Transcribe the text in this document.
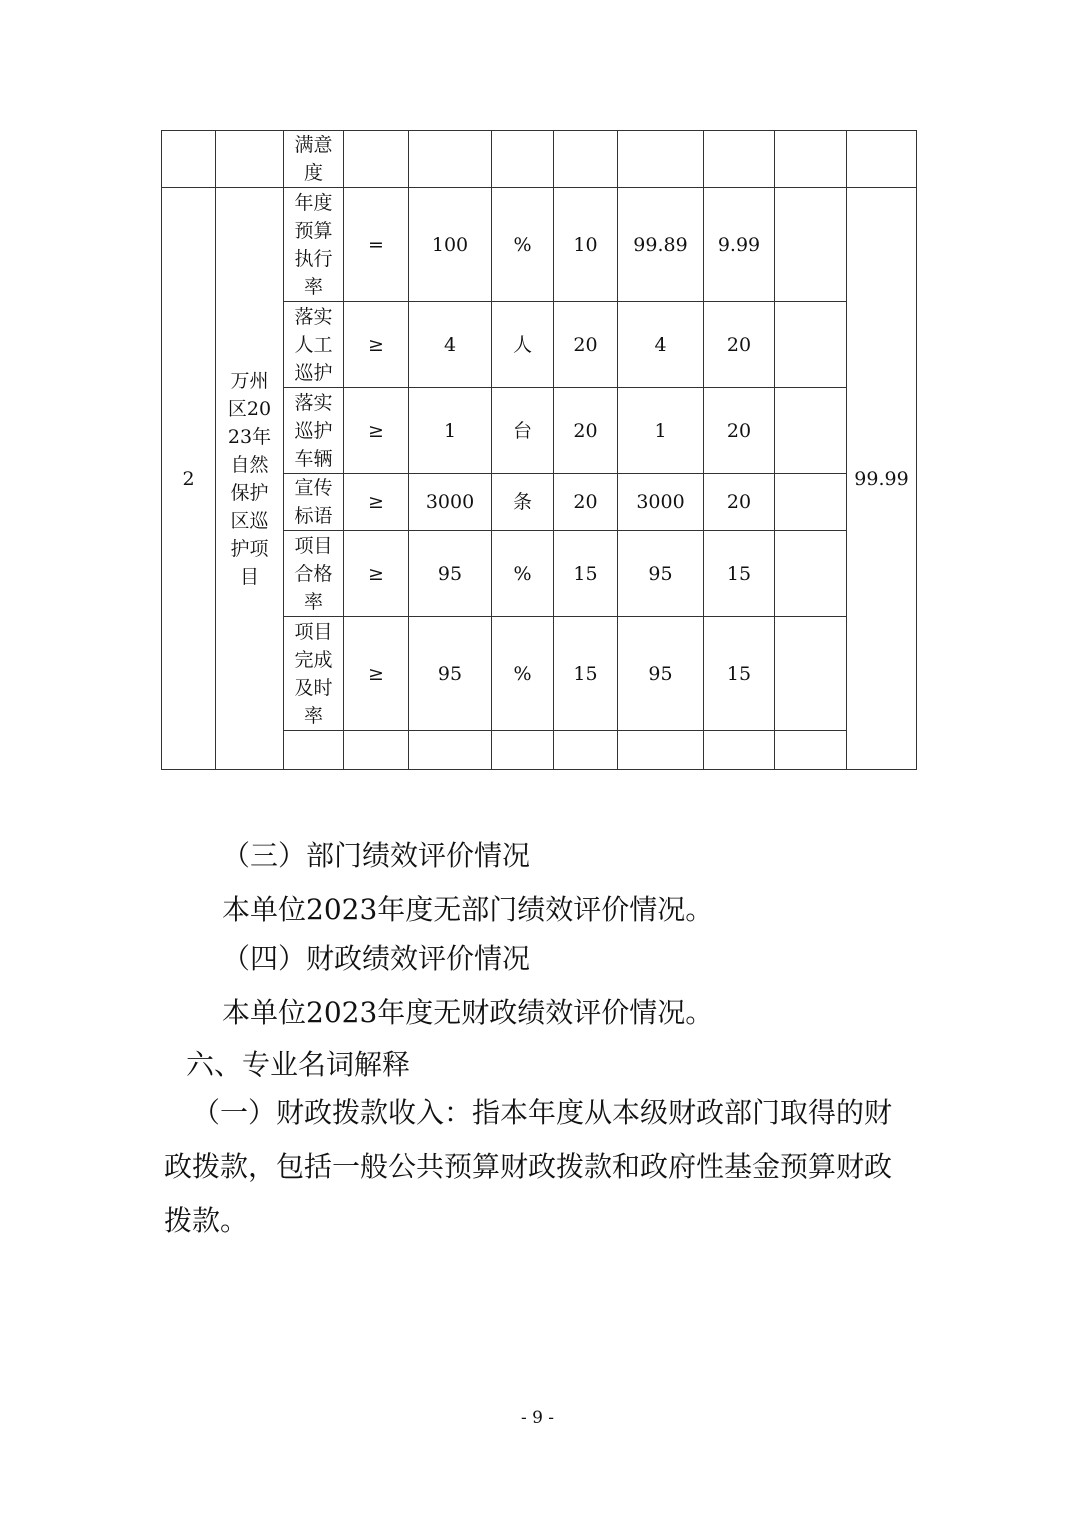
		满意度								
2	万州区2023年自然保护区巡护项目	年度预算执行率	=	100	%	10	99.89	9.99		99.99
		落实人工巡护	≥	4	人	20	4	20		
		落实巡护车辆	≥	1	台	20	1	20		
		宣传标语	≥	3000	条	20	3000	20		
		项目合格率	≥	95	%	15	95	15		
		项目完成及时率	≥	95	%	15	95	15		

（三）部门绩效评价情况
本单位2023年度无部门绩效评价情况。
（四）财政绩效评价情况
本单位2023年度无财政绩效评价情况。
六、专业名词解释
（一）财政拨款收入：指本年度从本级财政部门取得的财政拨款，包括一般公共预算财政拨款和政府性基金预算财政拨款。
- 9 -
